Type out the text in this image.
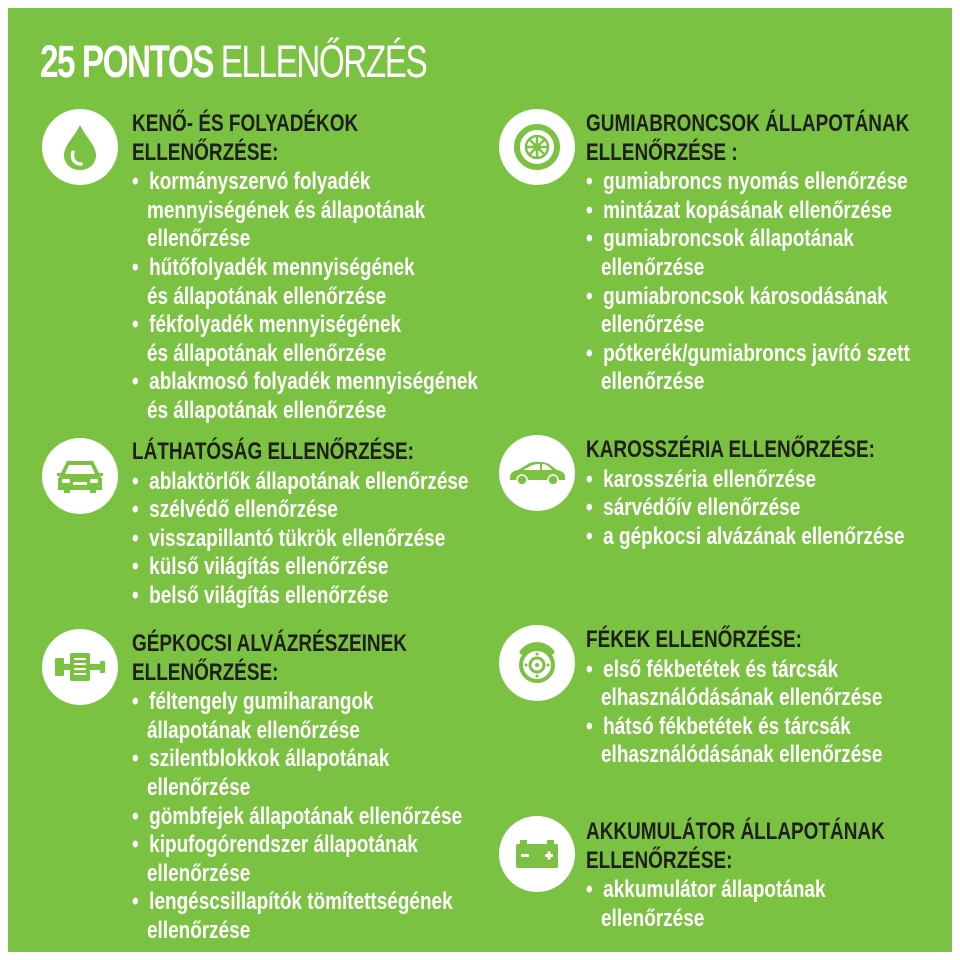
25 PONTOS ELLENŐRZÉS
KENŐ- ÉS FOLYADÉKOK
ELLENŐRZÉSE:
•  kormányszervó folyadék
mennyiségének és állapotának
ellenőrzése
•  hűtőfolyadék mennyiségének
és állapotának ellenőrzése
•  fékfolyadék mennyiségének
és állapotának ellenőrzése
•  ablakmosó folyadék mennyiségének
és állapotának ellenőrzése
LÁTHATÓSÁG ELLENŐRZÉSE:
•  ablaktörlők állapotának ellenőrzése
•  szélvédő ellenőrzése
•  visszapillantó tükrök ellenőrzése
•  külső világítás ellenőrzése
•  belső világítás ellenőrzése
GÉPKOCSI ALVÁZRÉSZEINEK
ELLENŐRZÉSE:
•  féltengely gumiharangok
állapotának ellenőrzése
•  szilentblokkok állapotának
ellenőrzése
•  gömbfejek állapotának ellenőrzése
•  kipufogórendszer állapotának
ellenőrzése
•  lengéscsillapítók tömítettségének
ellenőrzése
GUMIABRONCSOK ÁLLAPOTÁNAK
ELLENŐRZÉSE :
•  gumiabroncs nyomás ellenőrzése
•  mintázat kopásának ellenőrzése
•  gumiabroncsok állapotának
ellenőrzése
•  gumiabroncsok károsodásának
ellenőrzése
•  pótkerék/gumiabroncs javító szett
ellenőrzése
KAROSSZÉRIA ELLENŐRZÉSE:
•  karosszéria ellenőrzése
•  sárvédőív ellenőrzése
•  a gépkocsi alvázának ellenőrzése
FÉKEK ELLENŐRZÉSE:
•  első fékbetétek és tárcsák
elhasználódásának ellenőrzése
•  hátsó fékbetétek és tárcsák
elhasználódásának ellenőrzése
AKKUMULÁTOR ÁLLAPOTÁNAK
ELLENŐRZÉSE:
•  akkumulátor állapotának
ellenőrzése
